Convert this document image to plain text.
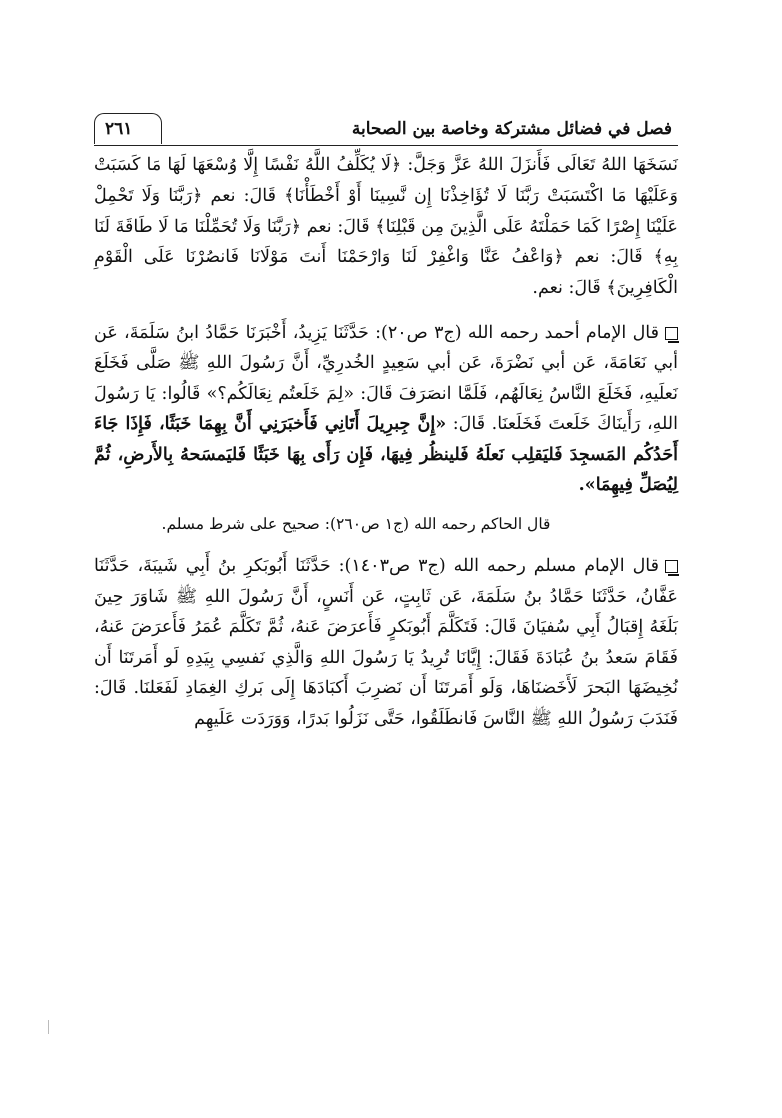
فصل في فضائل مشتركة وخاصة بين الصحابة
٢٦١

نَسَخَهَا اللهُ تَعَالَى فَأَنزَلَ اللهُ عَزَّ وَجَلَّ: ﴿لَا يُكَلِّفُ اللَّهُ نَفْسًا إِلَّا وُسْعَهَا لَهَا مَا كَسَبَتْ وَعَلَيْهَا مَا اكْتَسَبَتْ رَبَّنَا لَا تُؤَاخِذْنَا إِن نَّسِينَا أَوْ أَخْطَأْنَا﴾ قَالَ: نعم ﴿رَبَّنَا وَلَا تَحْمِلْ عَلَيْنَا إِصْرًا كَمَا حَمَلْتَهُ عَلَى الَّذِينَ مِن قَبْلِنَا﴾ قَالَ: نعم ﴿رَبَّنَا وَلَا تُحَمِّلْنَا مَا لَا طَاقَةَ لَنَا بِهِ﴾ قَالَ: نعم ﴿وَاعْفُ عَنَّا وَاغْفِرْ لَنَا وَارْحَمْنَا أَنتَ مَوْلَانَا فَانصُرْنَا عَلَى الْقَوْمِ الْكَافِرِينَ﴾ قَالَ: نعم.

قال الإمام أحمد رحمه الله (ج٣ ص٢٠): حَدَّثَنَا يَزِيدُ، أَخْبَرَنَا حَمَّادُ ابنُ سَلَمَةَ، عَن أبي نَعَامَةَ، عَن أبي نَضْرَةَ، عَن أبي سَعِيدٍ الخُدرِيِّ، أَنَّ رَسُولَ اللهِ ﷺ صَلَّى فَخَلَعَ نَعلَيهِ، فَخَلَعَ النَّاسُ نِعَالَهُم، فَلَمَّا انصَرَفَ قَالَ: «لِمَ خَلَعتُم نِعَالَكُم؟» قَالُوا: يَا رَسُولَ اللهِ، رَأَينَاكَ خَلَعتَ فَخَلَعنَا. قَالَ: «إِنَّ جِبرِيلَ أَتَانِي فَأَخبَرَنِي أَنَّ بِهِمَا خَبَثًا، فَإِذَا جَاءَ أَحَدُكُم المَسجِدَ فَليَقلِب نَعلَهُ فَلينظُر فِيهَا، فَإِن رَأَى بِهَا خَبَثًا فَليَمسَحهُ بِالأَرضِ، ثُمَّ لِيُصَلِّ فِيهِمَا».

قال الحاكم رحمه الله (ج١ ص٢٦٠): صحيح على شرط مسلم.

قال الإمام مسلم رحمه الله (ج٣ ص١٤٠٣): حَدَّثَنَا أَبُوبَكرِ بنُ أَبِي شَيبَةَ، حَدَّثَنَا عَفَّانُ، حَدَّثَنَا حَمَّادُ بنُ سَلَمَةَ، عَن ثَابِتٍ، عَن أَنَسٍ، أَنَّ رَسُولَ اللهِ ﷺ شَاوَرَ حِينَ بَلَغَهُ إِقبَالُ أَبِي سُفيَانَ قَالَ: فَتَكَلَّمَ أَبُوبَكرٍ فَأَعرَضَ عَنهُ، ثُمَّ تَكَلَّمَ عُمَرُ فَأَعرَضَ عَنهُ، فَقَامَ سَعدُ بنُ عُبَادَةَ فَقَالَ: إِيَّانَا تُرِيدُ يَا رَسُولَ اللهِ وَالَّذِي نَفسِي بِيَدِهِ لَو أَمَرتَنَا أَن نُخِيضَهَا البَحرَ لَأَخَضنَاهَا، وَلَو أَمَرتَنَا أَن نَضرِبَ أَكبَادَهَا إِلَى بَركِ الغِمَادِ لَفَعَلنَا. قَالَ: فَنَدَبَ رَسُولُ اللهِ ﷺ النَّاسَ فَانطَلَقُوا، حَتَّى نَزَلُوا بَدرًا، وَوَرَدَت عَلَيهِم
